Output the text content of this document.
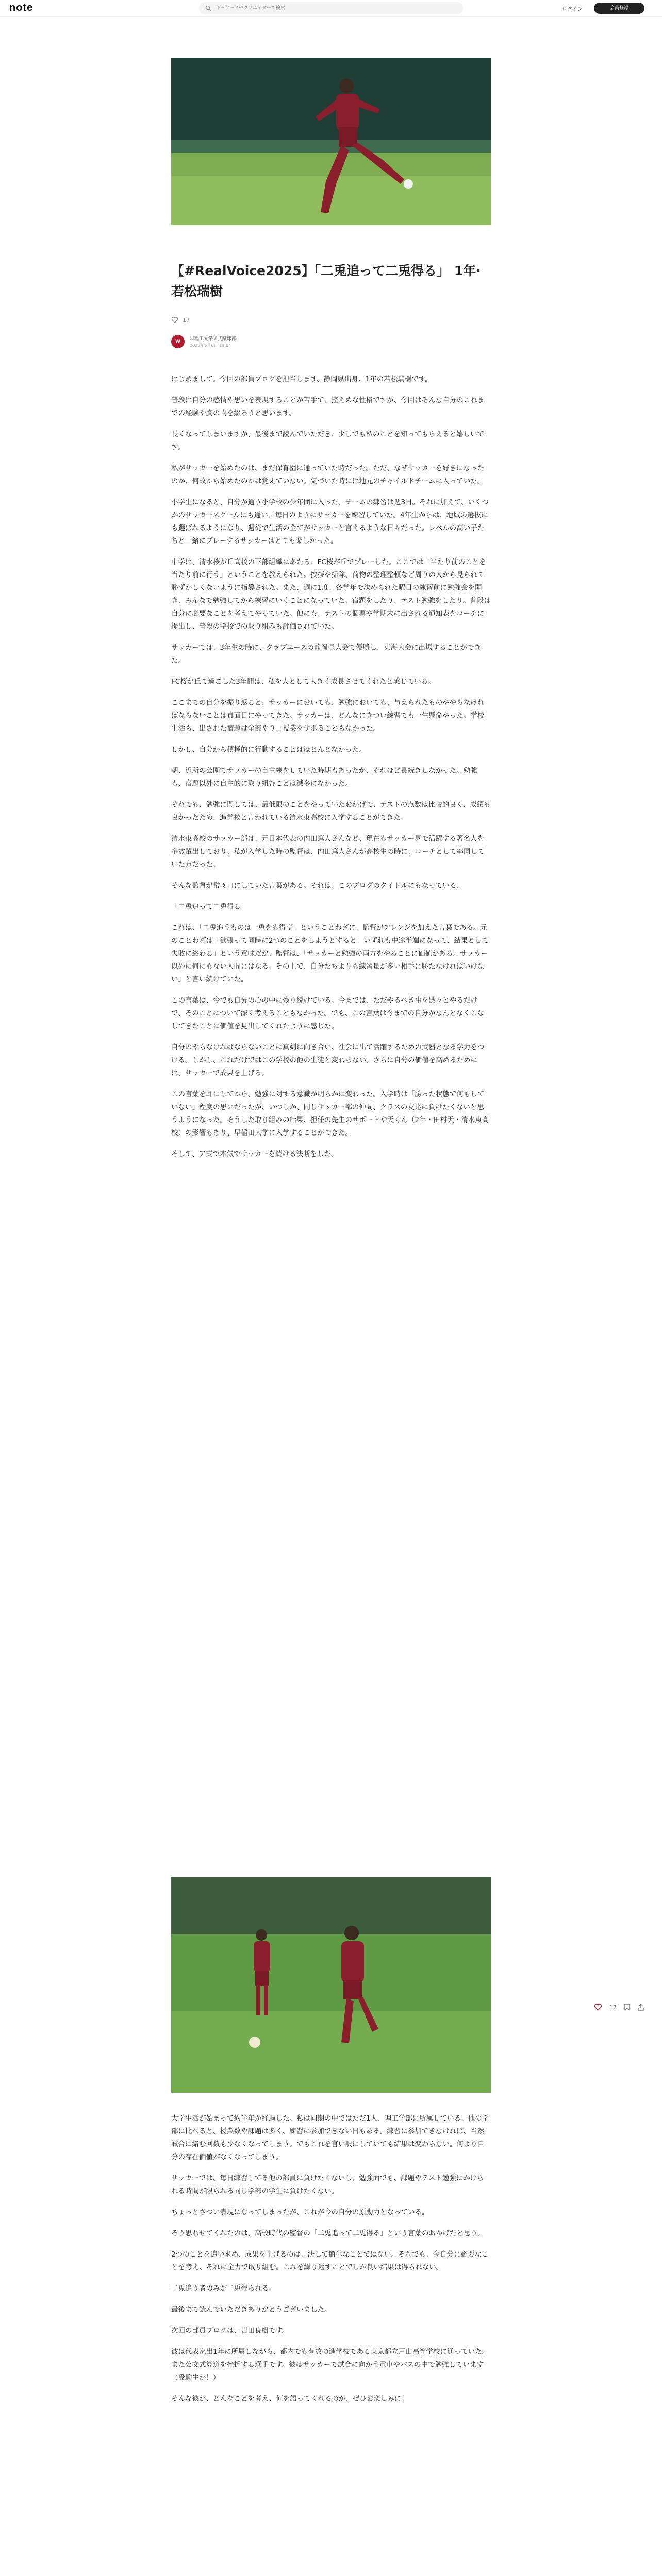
note
キーワードやクリエイターで検索	ログイン	会員登録
【#RealVoice2025】「二兎追って二兎得る」 1年·若松瑞樹
17
W	早稲田大学ア式蹴球部
2025年6月6日 19:04

はじめまして。今回の部員ブログを担当します、静岡県出身、1年の若松瑞樹です。

普段は自分の感情や思いを表現することが苦手で、控えめな性格ですが、今回はそんな自分のこれまでの経験や胸の内を綴ろうと思います。

長くなってしまいますが、最後まで読んでいただき、少しでも私のことを知ってもらえると嬉しいです。

私がサッカーを始めたのは、まだ保育園に通っていた時だった。ただ、なぜサッカーを好きになったのか、何故から始めたのかは覚えていない。気づいた時には地元のチャイルドチームに入っていた。

小学生になると、自分が通う小学校の少年団に入った。チームの練習は週3日。それに加えて、いくつかのサッカースクールにも通い、毎日のようにサッカーを練習していた。4年生からは、地域の選抜にも選ばれるようになり、週従で生活の全てがサッカーと言えるような日々だった。レベルの高い子たちと一緒にプレーするサッカーはとても楽しかった。

中学は、清水桜が丘高校の下部組織にあたる、FC桜が丘でプレーした。ここでは「当たり前のことを当たり前に行う」ということを教えられた。挨拶や掃除、荷物の整理整頓など周りの人から見られて恥ずかしくないように指導された。また、週に1度、各学年で決められた曜日の練習前に勉強会を開き、みんなで勉強してから練習にいくことになっていた。宿題をしたり、テスト勉強をしたり。普段は自分に必要なことを考えてやっていた。他にも、テストの個票や学期末に出される通知表をコーチに提出し、普段の学校での取り組みも評価されていた。

サッカーでは、3年生の時に、クラブユースの静岡県大会で優勝し、東海大会に出場することができた。

FC桜が丘で過ごした3年間は、私を人として大きく成長させてくれたと感じている。

ここまでの自分を振り返ると、サッカーにおいても、勉強においても、与えられたものややらなければならないことは真面目にやってきた。サッカーは、どんなにきつい練習でも一生懸命やった。学校生活も、出された宿題は全部やり、授業をサボることもなかった。

しかし、自分から積極的に行動することはほとんどなかった。

朝、近所の公園でサッカーの自主練をしていた時期もあったが、それほど長続きしなかった。勉強も、宿題以外に自主的に取り組むことは滅多になかった。

それでも、勉強に関しては、最低限のことをやっていたおかげで、テストの点数は比較的良く、成績も良かったため、進学校と言われている清水東高校に入学することができた。

清水東高校のサッカー部は、元日本代表の内田篤人さんなど、現在もサッカー界で活躍する著名人を多数輩出しており、私が入学した時の監督は、内田篤人さんが高校生の時に、コーチとして率同していた方だった。

そんな監督が常々口にしていた言葉がある。それは、このブログのタイトルにもなっている、

「二兎追って二兎得る」

これは、「二兎追うものは一兎をも得ず」ということわざに、監督がアレンジを加えた言葉である。元のことわざは「欲張って同時に2つのことをしようとすると、いずれも中途半端になって、結果として失敗に終わる」という意味だが、監督は、「サッカーと勉強の両方をやることに価値がある。サッカー以外に何にもない人間にはなる。その上で、自分たちよりも練習量が多い相手に勝たなければいけない」と言い続けていた。

この言葉は、今でも自分の心の中に残り続けている。今までは、ただやるべき事を黙々とやるだけで、そのことについて深く考えることもなかった。でも、この言葉は今までの自分がなんとなくこなしてきたことに価値を見出してくれたように感じた。

自分のやらなければならないことに真剣に向き合い、社会に出て活躍するための武器となる学力をつける。しかし、これだけではこの学校の他の生徒と変わらない。さらに自分の価値を高めるためには、サッカーで成果を上げる。

この言葉を耳にしてから、勉強に対する意識が明らかに変わった。入学時は「勝った状態で何もしていない」程度の思いだったが、いつしか、同じサッカー部の仲間、クラスの友達に負けたくないと思うようになった。そうした取り組みの結果、担任の先生のサポートや天くん（2年・田村天・清水東高校）の影響もあり、早稲田大学に入学することができた。

そして、ア式で本気でサッカーを続ける決断をした。

大学生活が始まって約半年が経過した。私は同期の中ではただ1人、理工学部に所属している。他の学部に比べると、授業数や課題は多く、練習に参加できない日もある。練習に参加できなければ、当然試合に絡む回数も少なくなってしまう。でもこれを言い訳にしていても結果は変わらない。何より自分の存在価値がなくなってしまう。

サッカーでは、毎日練習してる他の部員に負けたくないし、勉強面でも、課題やテスト勉強にかけられる時間が限られる同じ学部の学生に負けたくない。

ちょっとさつい表現になってしまったが、これが今の自分の原動力となっている。

そう思わせてくれたのは、高校時代の監督の「二兎追って二兎得る」という言葉のおかげだと思う。

2つのことを追い求め、成果を上げるのは、決して簡単なことではない。それでも、今自分に必要なことを考え、それに全力で取り組む。これを繰り返すことでしか良い結果は得られない。

二兎追う者のみが二兎得られる。

最後まで読んでいただきありがとうございました。

次回の部員ブログは、岩田良樹です。

彼は代表家出1年に所属しながら、都内でも有数の進学校である東京都立戸山高等学校に通っていた。また公文式算道を挫折する選手です。彼はサッカーで試合に向かう電車やバスの中で勉強しています（受験生か！）

そんな彼が、どんなことを考え、何を語ってくれるのか、ぜひお楽しみに！

17
